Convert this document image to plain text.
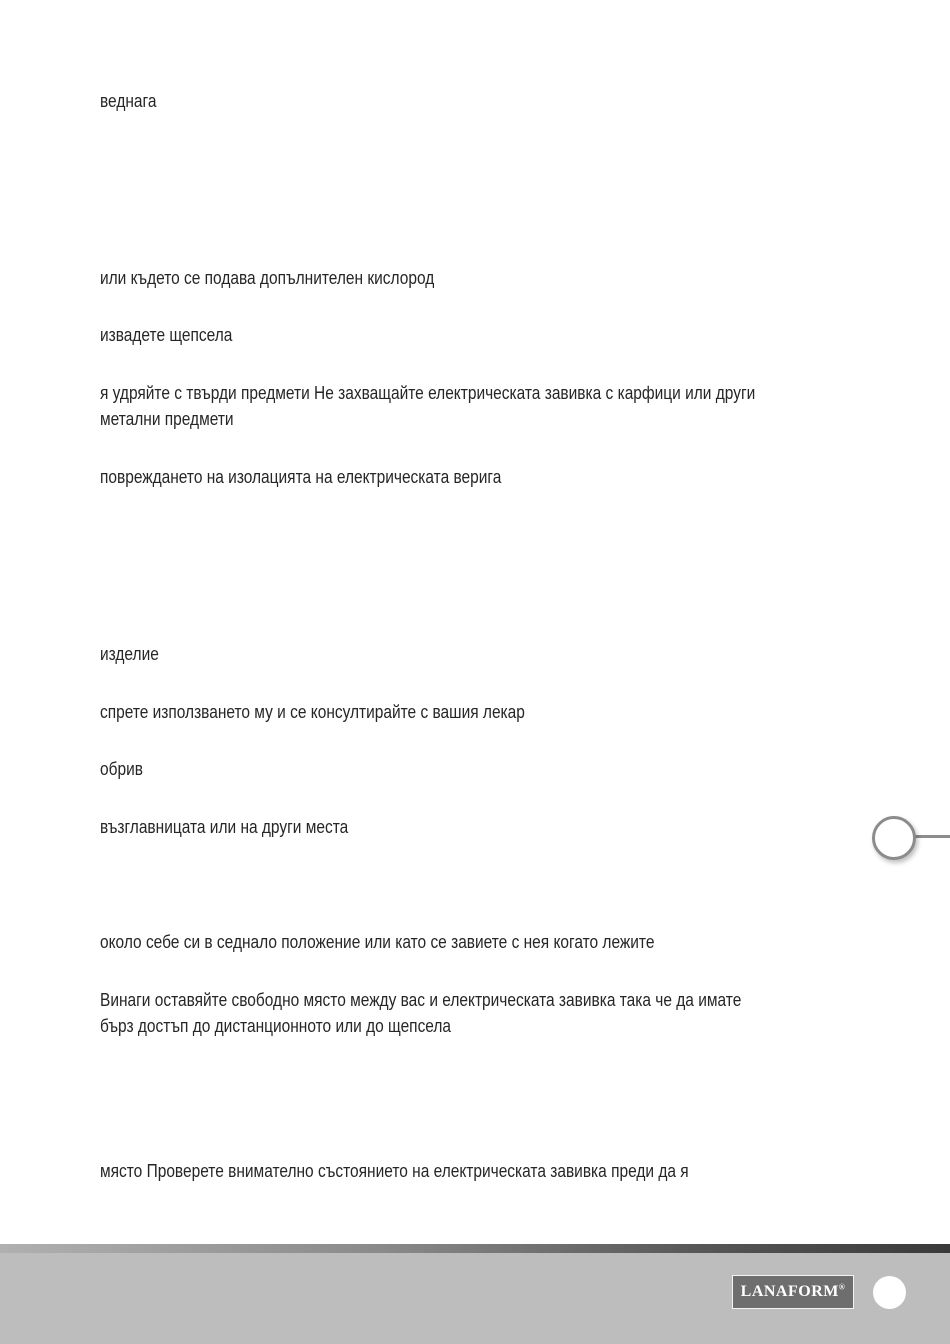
веднага
или където се подава допълнителен кислород
извадете щепсела
я удряйте с твърди предмети Не захващайте електрическата завивка с карфици или други
метални предмети
повреждането на изолацията на електрическата верига
изделие
спрете използването му и се консултирайте с вашия лекар
обрив
възглавницата или на други места
около себе си в седнало положение или като се завиете с нея когато лежите
Винаги оставяйте свободно място между вас и електрическата завивка така че да имате
бърз достъп до дистанционното или до щепсела
място Проверете внимателно състоянието на електрическата завивка преди да я
LANAFORM®
